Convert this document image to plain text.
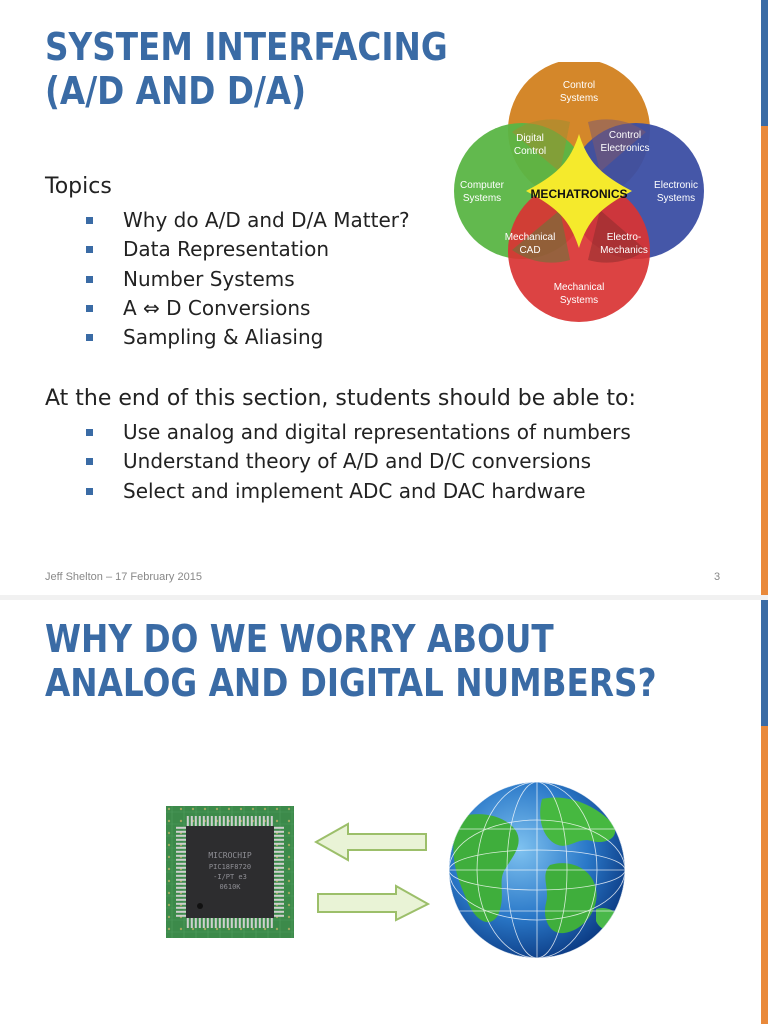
SYSTEM INTERFACING
(A/D AND D/A)
Topics
Why do A/D and D/A Matter?
Data Representation
Number Systems
A ⇔ D Conversions
Sampling & Aliasing
At the end of this section, students should be able to:
Use analog and digital representations of numbers
Understand theory of A/D and D/C conversions
Select and implement ADC and DAC hardware
Control
Systems
Digital
Control
Control
Electronics
Computer
Systems MECHATRONICS
Electronic
Systems
Mechanical
CAD
Electro-
Mechanics
Mechanical
Systems
Jeff Shelton – 17 February 2015	3
WHY DO WE WORRY ABOUT
ANALOG AND DIGITAL NUMBERS?
MICROCHIP
PIC18F8720
-I/PT e3
0610K
